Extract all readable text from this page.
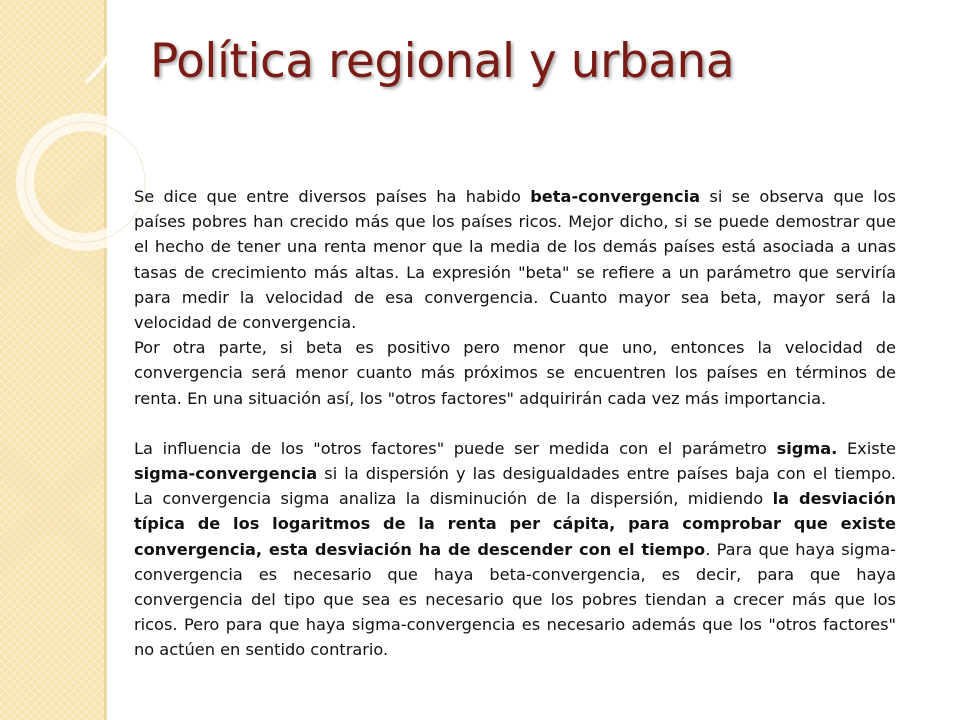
Política regional y urbana

Se dice que entre diversos países ha habido beta-convergencia si se observa que los países pobres han crecido más que los países ricos. Mejor dicho, si se puede demostrar que el hecho de tener una renta menor que la media de los demás países está asociada a unas tasas de crecimiento más altas. La expresión "beta" se refiere a un parámetro que serviría para medir la velocidad de esa convergencia. Cuanto mayor sea beta, mayor será la velocidad de convergencia.

Por otra parte, si beta es positivo pero menor que uno, entonces la velocidad de convergencia será menor cuanto más próximos se encuentren los países en términos de renta. En una situación así, los "otros factores" adquirirán cada vez más importancia.

La influencia de los "otros factores" puede ser medida con el parámetro sigma. Existe sigma-convergencia si la dispersión y las desigualdades entre países baja con el tiempo. La convergencia sigma analiza la disminución de la dispersión, midiendo la desviación típica de los logaritmos de la renta per cápita, para comprobar que existe convergencia, esta desviación ha de descender con el tiempo. Para que haya sigma-convergencia es necesario que haya beta-convergencia, es decir, para que haya convergencia del tipo que sea es necesario que los pobres tiendan a crecer más que los ricos. Pero para que haya sigma-convergencia es necesario además que los "otros factores" no actúen en sentido contrario.
